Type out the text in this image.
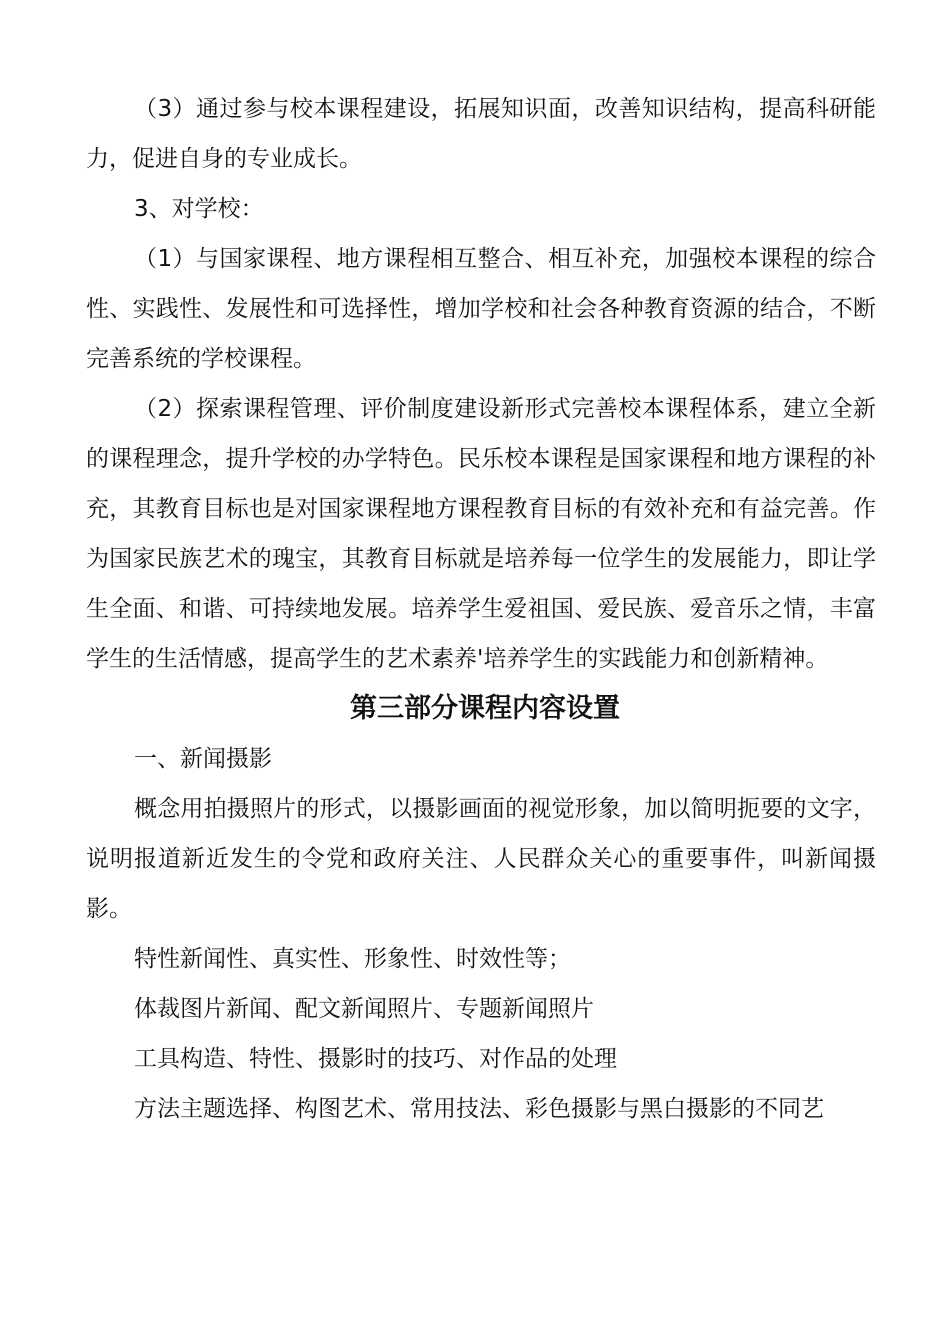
（3）通过参与校本课程建设，拓展知识面，改善知识结构，提高科研能力，促进自身的专业成长。

3、对学校：

（1）与国家课程、地方课程相互整合、相互补充，加强校本课程的综合性、实践性、发展性和可选择性，增加学校和社会各种教育资源的结合，不断完善系统的学校课程。

（2）探索课程管理、评价制度建设新形式完善校本课程体系，建立全新的课程理念，提升学校的办学特色。民乐校本课程是国家课程和地方课程的补充，其教育目标也是对国家课程地方课程教育目标的有效补充和有益完善。作为国家民族艺术的瑰宝，其教育目标就是培养每一位学生的发展能力，即让学生全面、和谐、可持续地发展。培养学生爱祖国、爱民族、爱音乐之情，丰富学生的生活情感，提高学生的艺术素养'培养学生的实践能力和创新精神。

第三部分课程内容设置

一、新闻摄影

概念用拍摄照片的形式，以摄影画面的视觉形象，加以简明扼要的文字，说明报道新近发生的令党和政府关注、人民群众关心的重要事件，叫新闻摄影。

特性新闻性、真实性、形象性、时效性等；

体裁图片新闻、配文新闻照片、专题新闻照片

工具构造、特性、摄影时的技巧、对作品的处理

方法主题选择、构图艺术、常用技法、彩色摄影与黑白摄影的不同艺
